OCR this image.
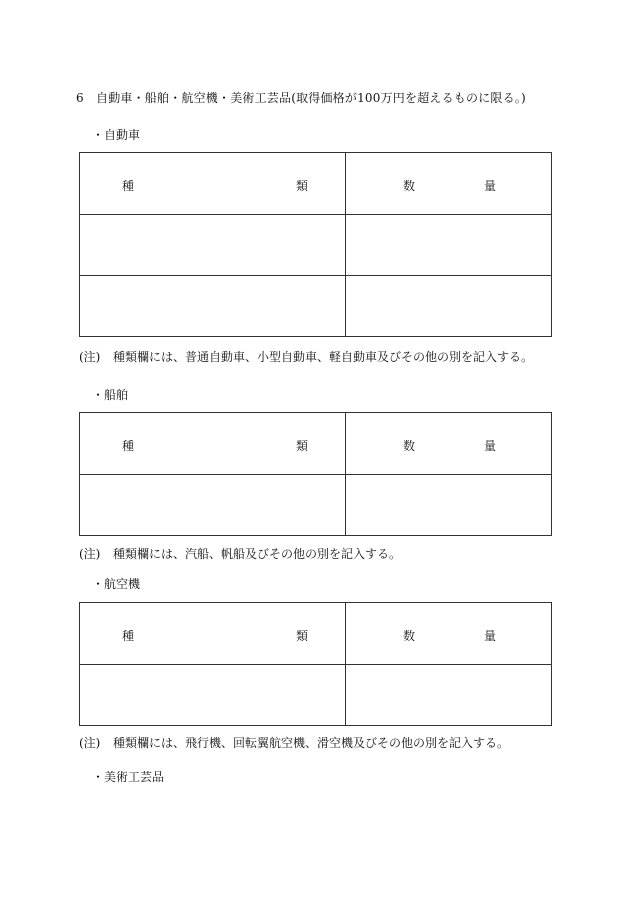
6 自動車・船舶・航空機・美術工芸品(取得価格が100万円を超えるものに限る。)
・自動車
種 類	数 量

(注) 種類欄には、普通自動車、小型自動車、軽自動車及びその他の別を記入する。
・船舶
種 類	数 量

(注) 種類欄には、汽船、帆船及びその他の別を記入する。
・航空機
種 類	数 量

(注) 種類欄には、飛行機、回転翼航空機、滑空機及びその他の別を記入する。
・美術工芸品
